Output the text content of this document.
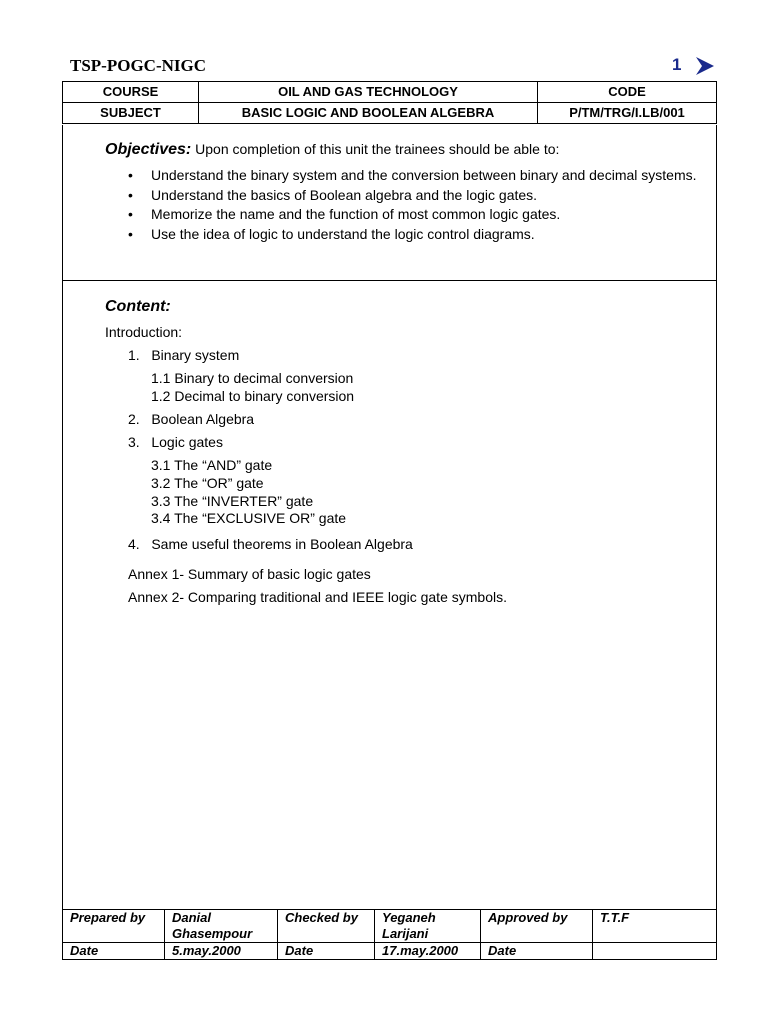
TSP-POGC-NIGC	1
COURSE	OIL AND GAS TECHNOLOGY	CODE
SUBJECT	BASIC LOGIC AND BOOLEAN ALGEBRA	P/TM/TRG/I.LB/001
Objectives: Upon completion of this unit the trainees should be able to:
• Understand the binary system and the conversion between binary and decimal systems.
• Understand the basics of Boolean algebra and the logic gates.
• Memorize the name and the function of most common logic gates.
• Use the idea of logic to understand the logic control diagrams.
Content:
Introduction:
1.   Binary system
1.1 Binary to decimal conversion
1.2 Decimal to binary conversion
2.   Boolean Algebra
3.   Logic gates
3.1 The “AND” gate
3.2 The “OR” gate
3.3 The “INVERTER” gate
3.4 The “EXCLUSIVE OR” gate
4.   Same useful theorems in Boolean Algebra
Annex 1- Summary of basic logic gates
Annex 2- Comparing traditional and IEEE logic gate symbols.
Prepared by	Danial Ghasempour	Checked by	Yeganeh Larijani	Approved by	T.T.F
Date	5.may.2000	Date	17.may.2000	Date	
